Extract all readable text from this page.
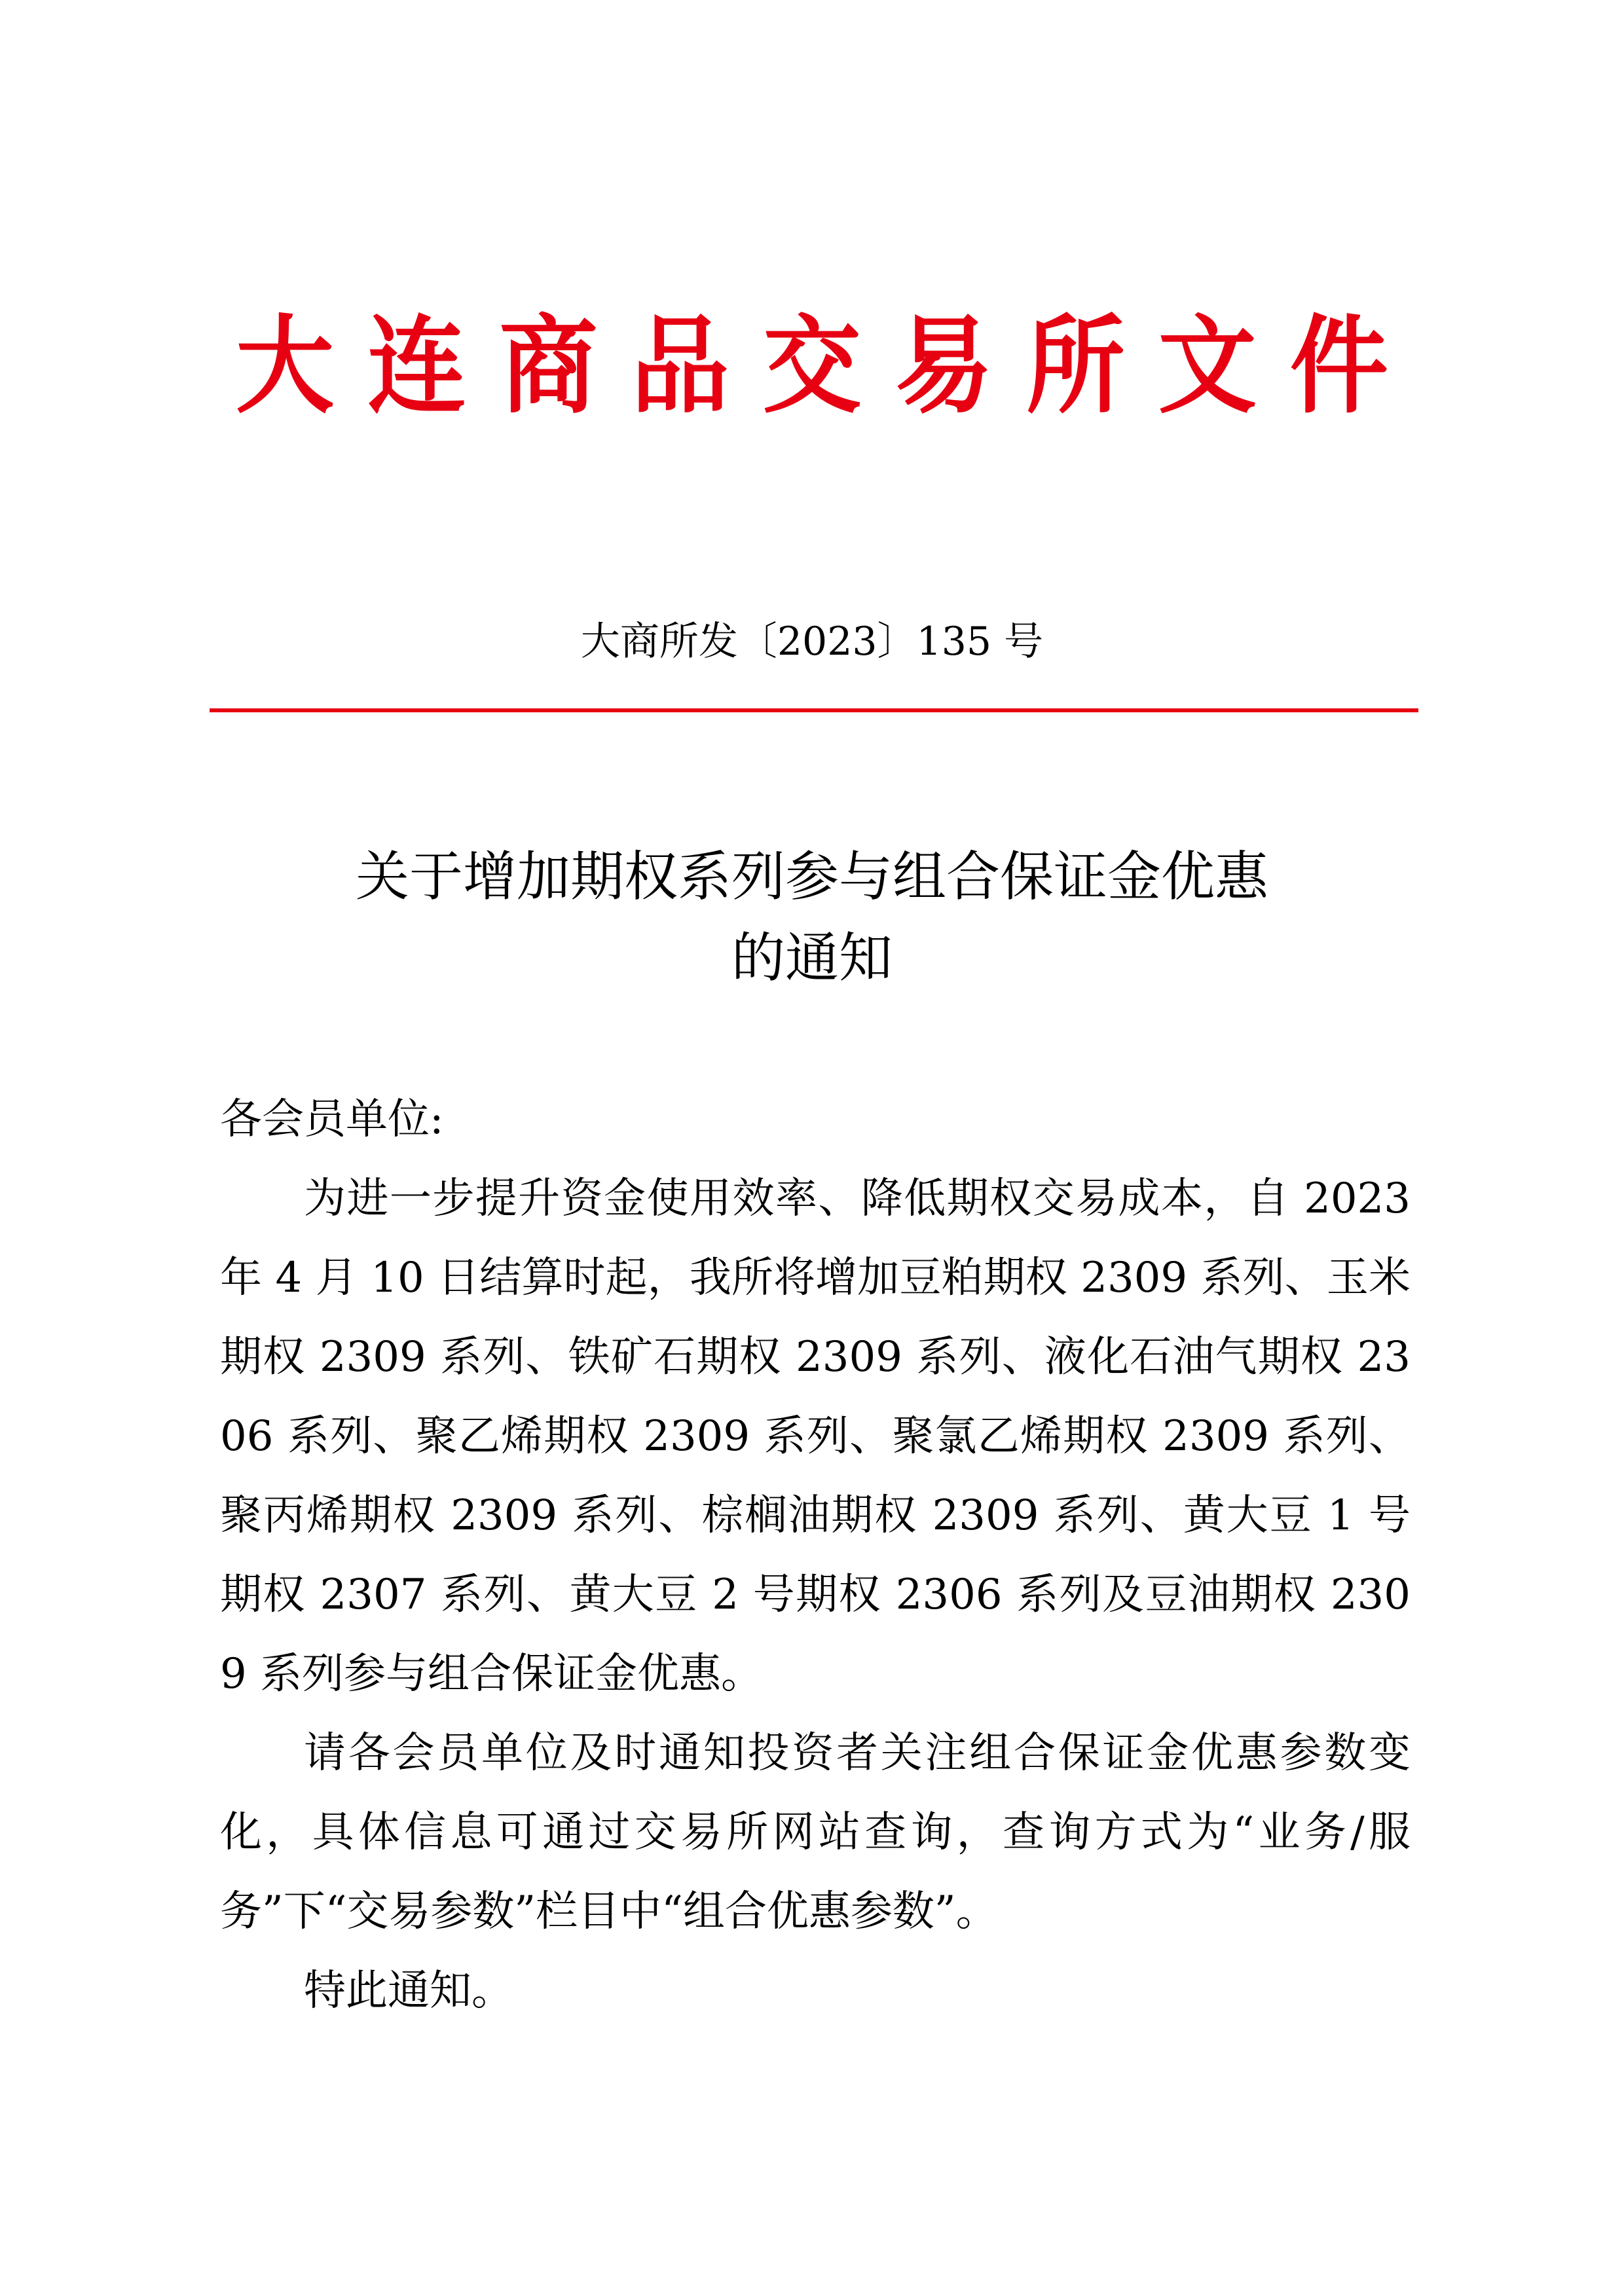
大 连 商 品 交 易 所 文 件
大商所发〔2023〕135 号
关于增加期权系列参与组合保证金优惠
的通知

各会员单位:

为进一步提升资金使用效率、降低期权交易成本，自 2023 年 4 月 10 日结算时起，我所将增加豆粕期权 2309 系列、玉米期权 2309 系列、铁矿石期权 2309 系列、液化石油气期权 2306 系列、聚乙烯期权 2309 系列、聚氯乙烯期权 2309 系列、聚丙烯期权 2309 系列、棕榈油期权 2309 系列、黄大豆 1 号期权 2307 系列、黄大豆 2 号期权 2306 系列及豆油期权 2309 系列参与组合保证金优惠。

请各会员单位及时通知投资者关注组合保证金优惠参数变化，具体信息可通过交易所网站查询，查询方式为“业务/服务”下“交易参数”栏目中“组合优惠参数”。

特此通知。
